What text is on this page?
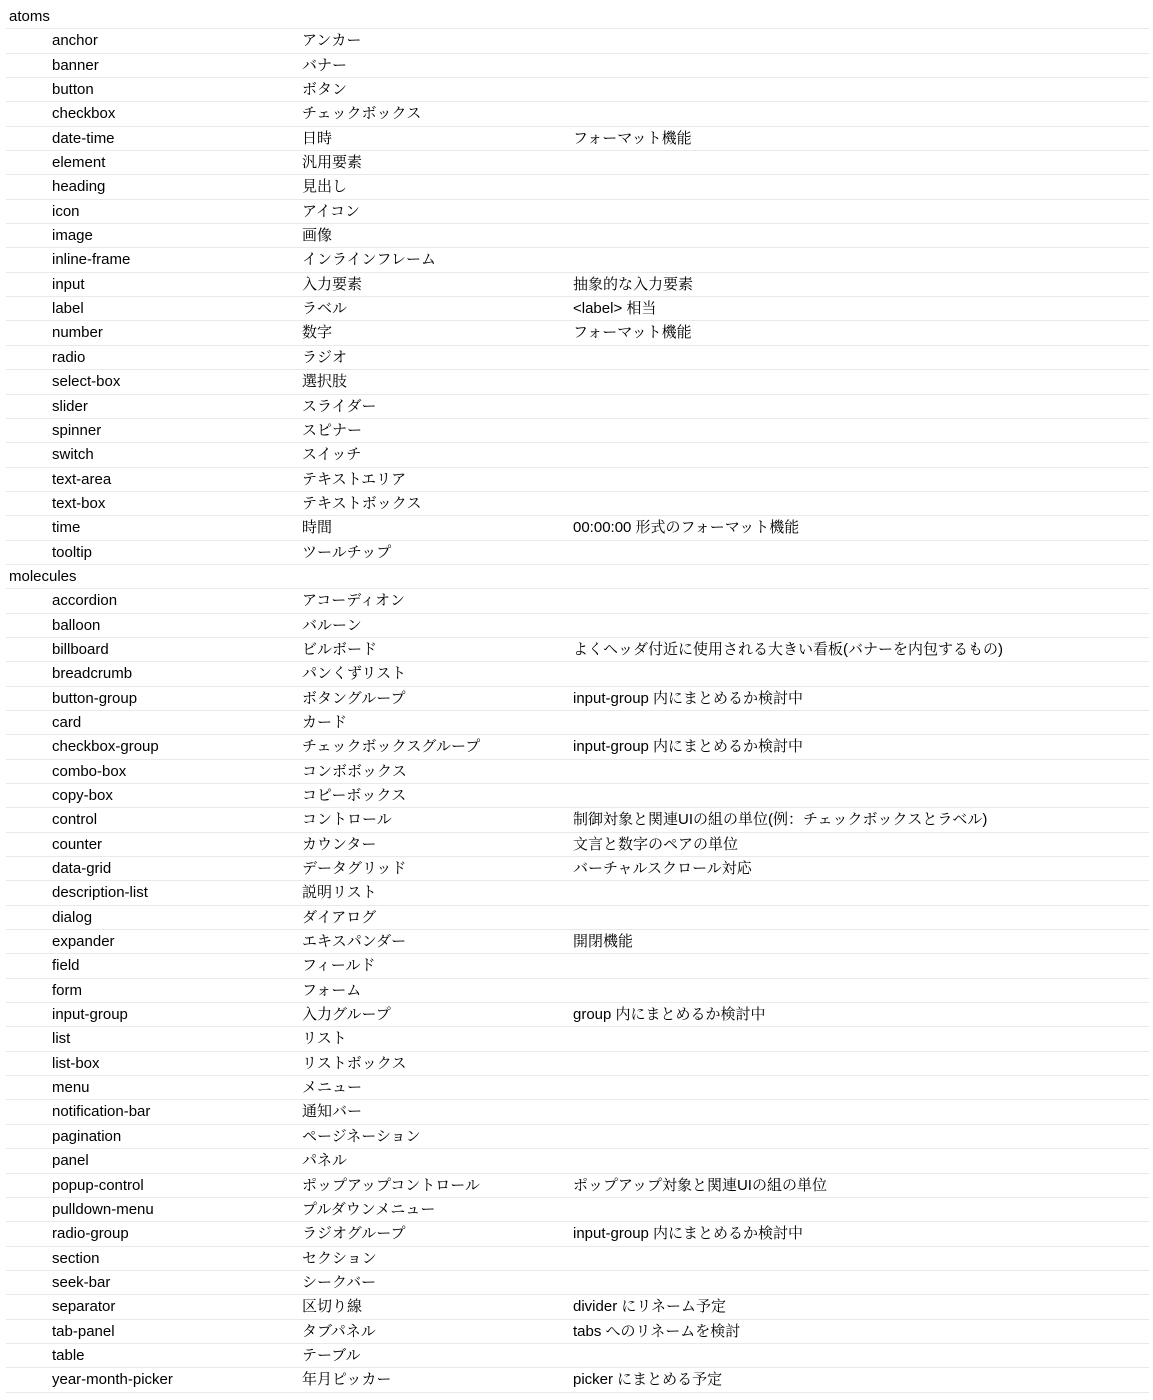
atoms
anchor	アンカー
banner	バナー
button	ボタン
checkbox	チェックボックス
date-time	日時	フォーマット機能
element	汎用要素
heading	見出し
icon	アイコン
image	画像
inline-frame	インラインフレーム
input	入力要素	抽象的な入力要素
label	ラベル	<label> 相当
number	数字	フォーマット機能
radio	ラジオ
select-box	選択肢
slider	スライダー
spinner	スピナー
switch	スイッチ
text-area	テキストエリア
text-box	テキストボックス
time	時間	00:00:00 形式のフォーマット機能
tooltip	ツールチップ
molecules
accordion	アコーディオン
balloon	バルーン
billboard	ビルボード	よくヘッダ付近に使用される大きい看板(バナーを内包するもの)
breadcrumb	パンくずリスト
button-group	ボタングループ	input-group 内にまとめるか検討中
card	カード
checkbox-group	チェックボックスグループ	input-group 内にまとめるか検討中
combo-box	コンボボックス
copy-box	コピーボックス
control	コントロール	制御対象と関連UIの組の単位(例：チェックボックスとラベル)
counter	カウンター	文言と数字のペアの単位
data-grid	データグリッド	バーチャルスクロール対応
description-list	説明リスト
dialog	ダイアログ
expander	エキスパンダー	開閉機能
field	フィールド
form	フォーム
input-group	入力グループ	group 内にまとめるか検討中
list	リスト
list-box	リストボックス
menu	メニュー
notification-bar	通知バー
pagination	ページネーション
panel	パネル
popup-control	ポップアップコントロール	ポップアップ対象と関連UIの組の単位
pulldown-menu	プルダウンメニュー
radio-group	ラジオグループ	input-group 内にまとめるか検討中
section	セクション
seek-bar	シークバー
separator	区切り線	divider にリネーム予定
tab-panel	タブパネル	tabs へのリネームを検討
table	テーブル
year-month-picker	年月ピッカー	picker にまとめる予定
